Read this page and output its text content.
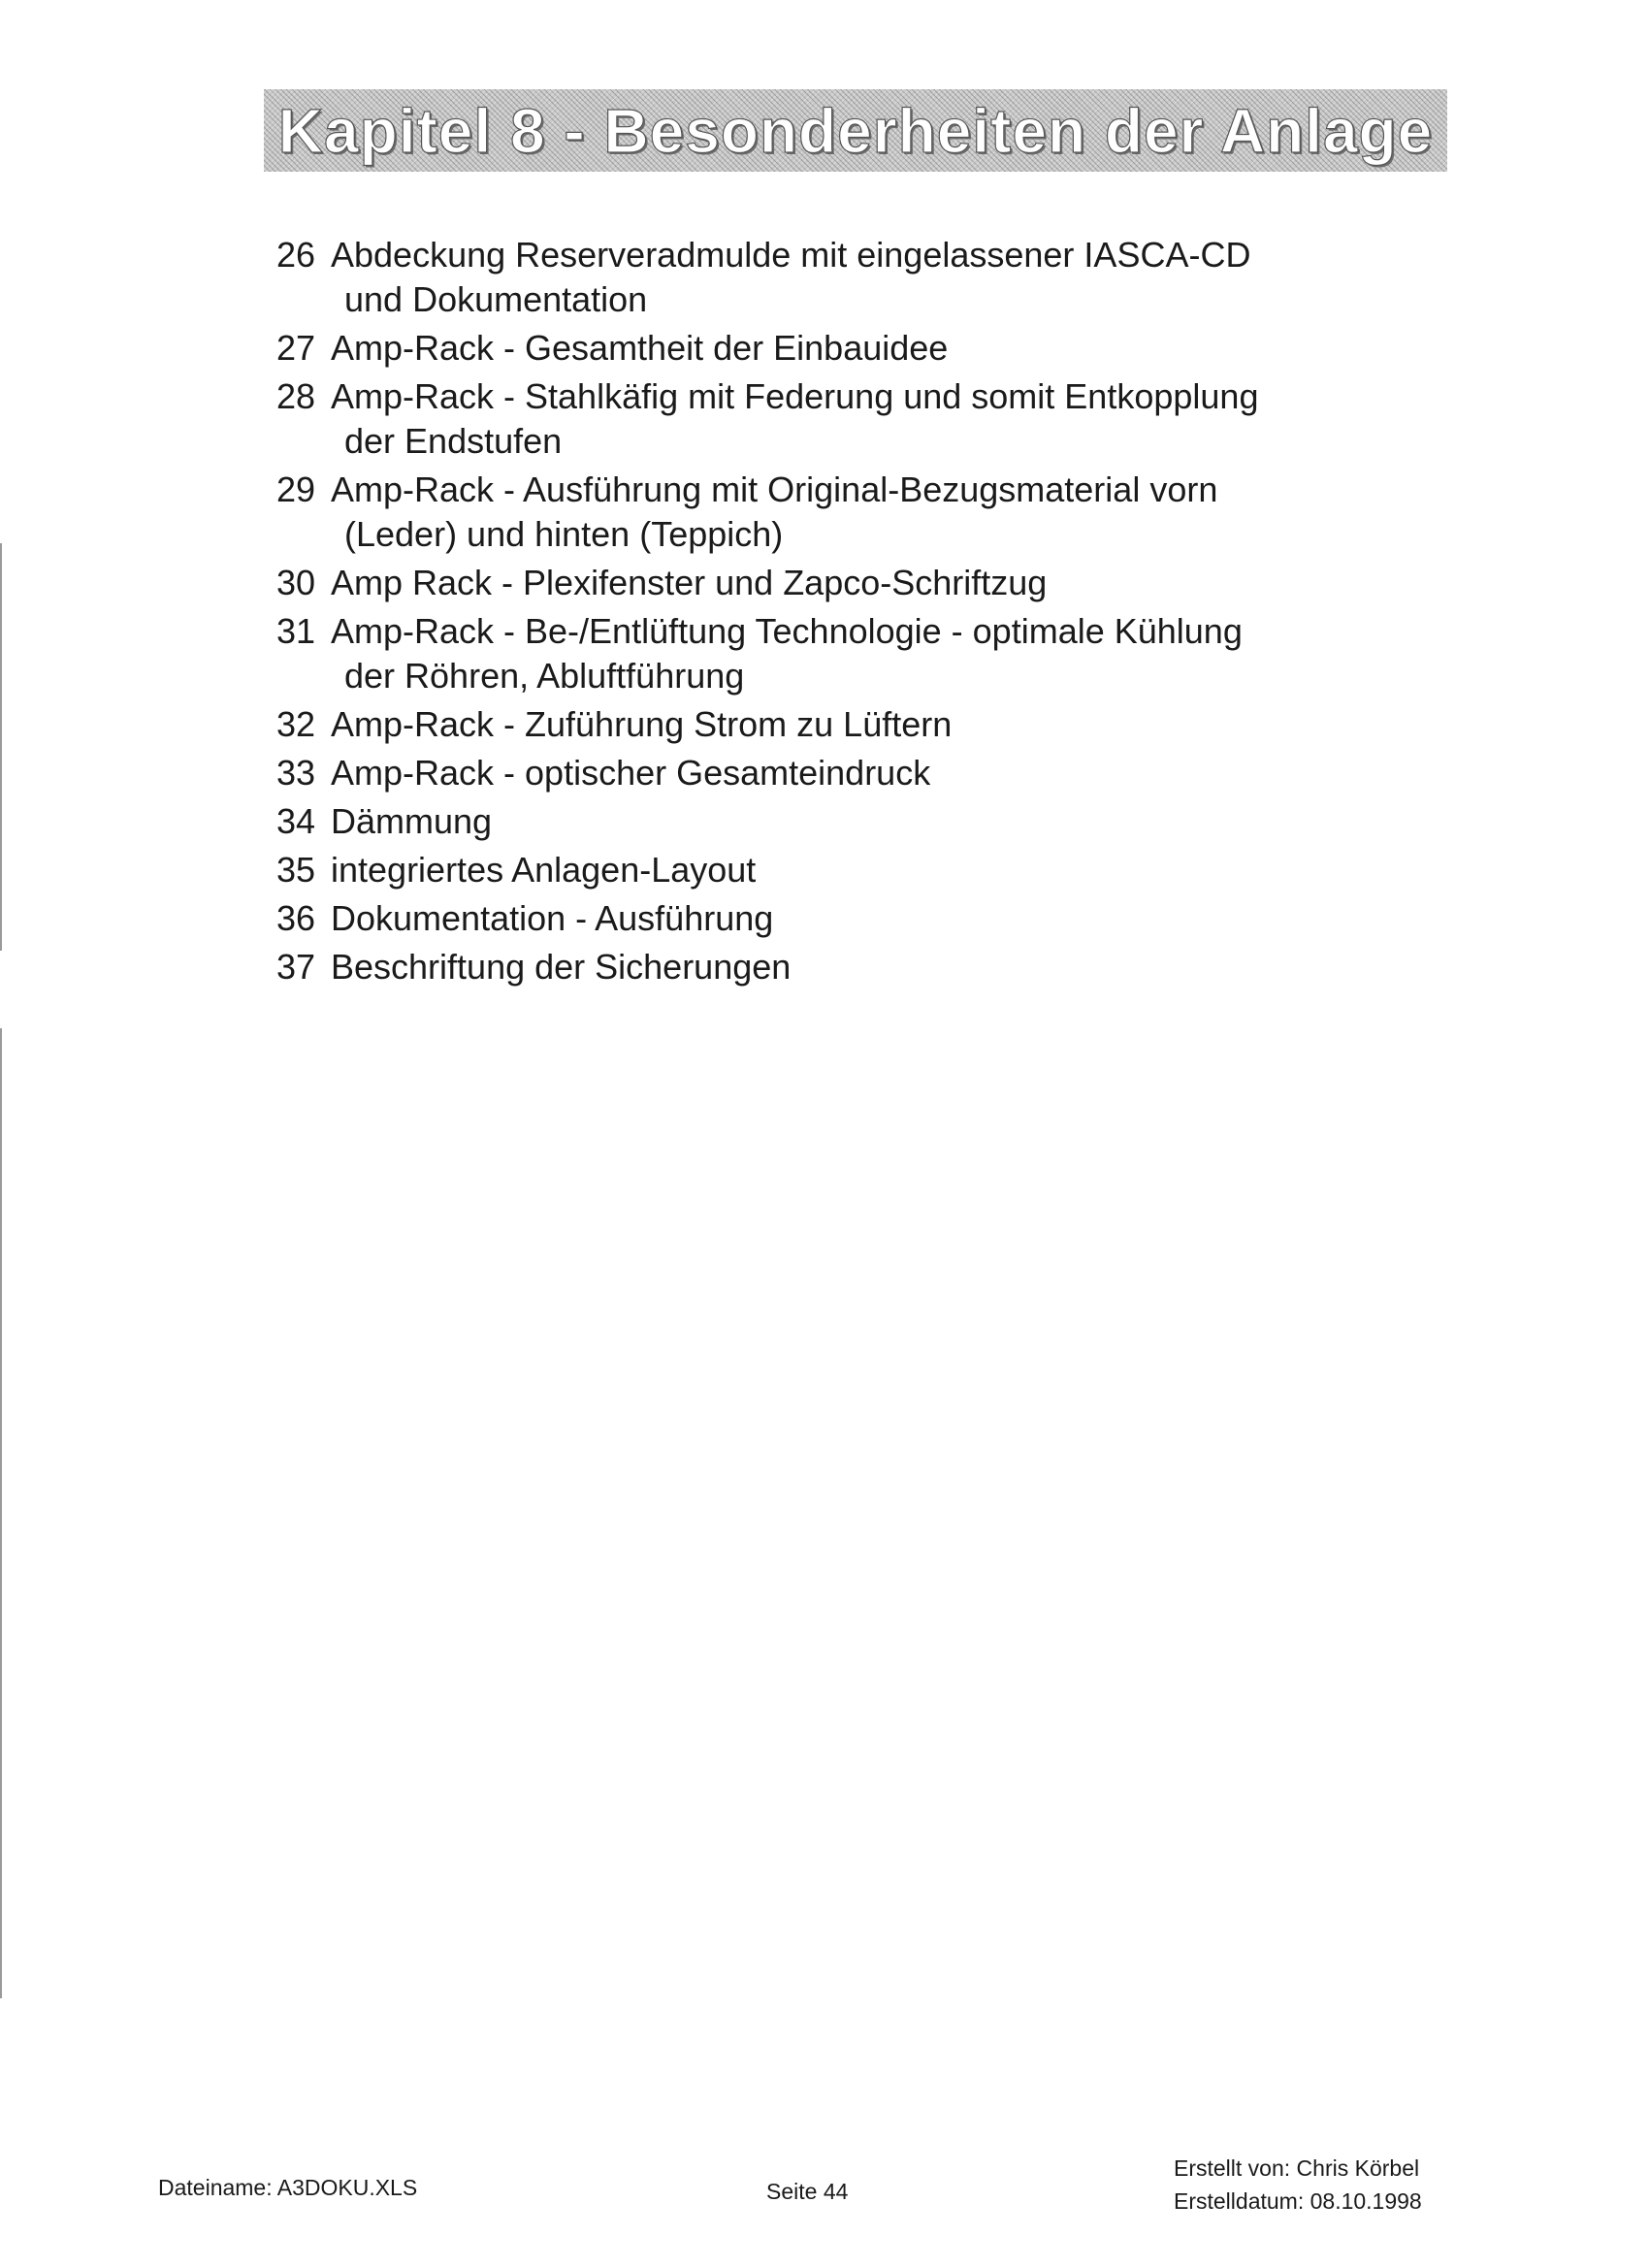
Kapitel 8 - Besonderheiten der Anlage
26 Abdeckung Reserveradmulde mit eingelassener IASCA-CD
und Dokumentation
27 Amp-Rack - Gesamtheit der Einbauidee
28 Amp-Rack - Stahlkäfig mit Federung und somit Entkopplung
der Endstufen
29 Amp-Rack - Ausführung mit Original-Bezugsmaterial vorn
(Leder) und hinten (Teppich)
30 Amp Rack - Plexifenster und Zapco-Schriftzug
31 Amp-Rack - Be-/Entlüftung Technologie - optimale Kühlung
der Röhren, Abluftführung
32 Amp-Rack - Zuführung Strom zu Lüftern
33 Amp-Rack - optischer Gesamteindruck
34 Dämmung
35 integriertes Anlagen-Layout
36 Dokumentation - Ausführung
37 Beschriftung der Sicherungen
Dateiname: A3DOKU.XLS	Seite 44
Erstellt von: Chris Körbel
Erstelldatum: 08.10.1998
